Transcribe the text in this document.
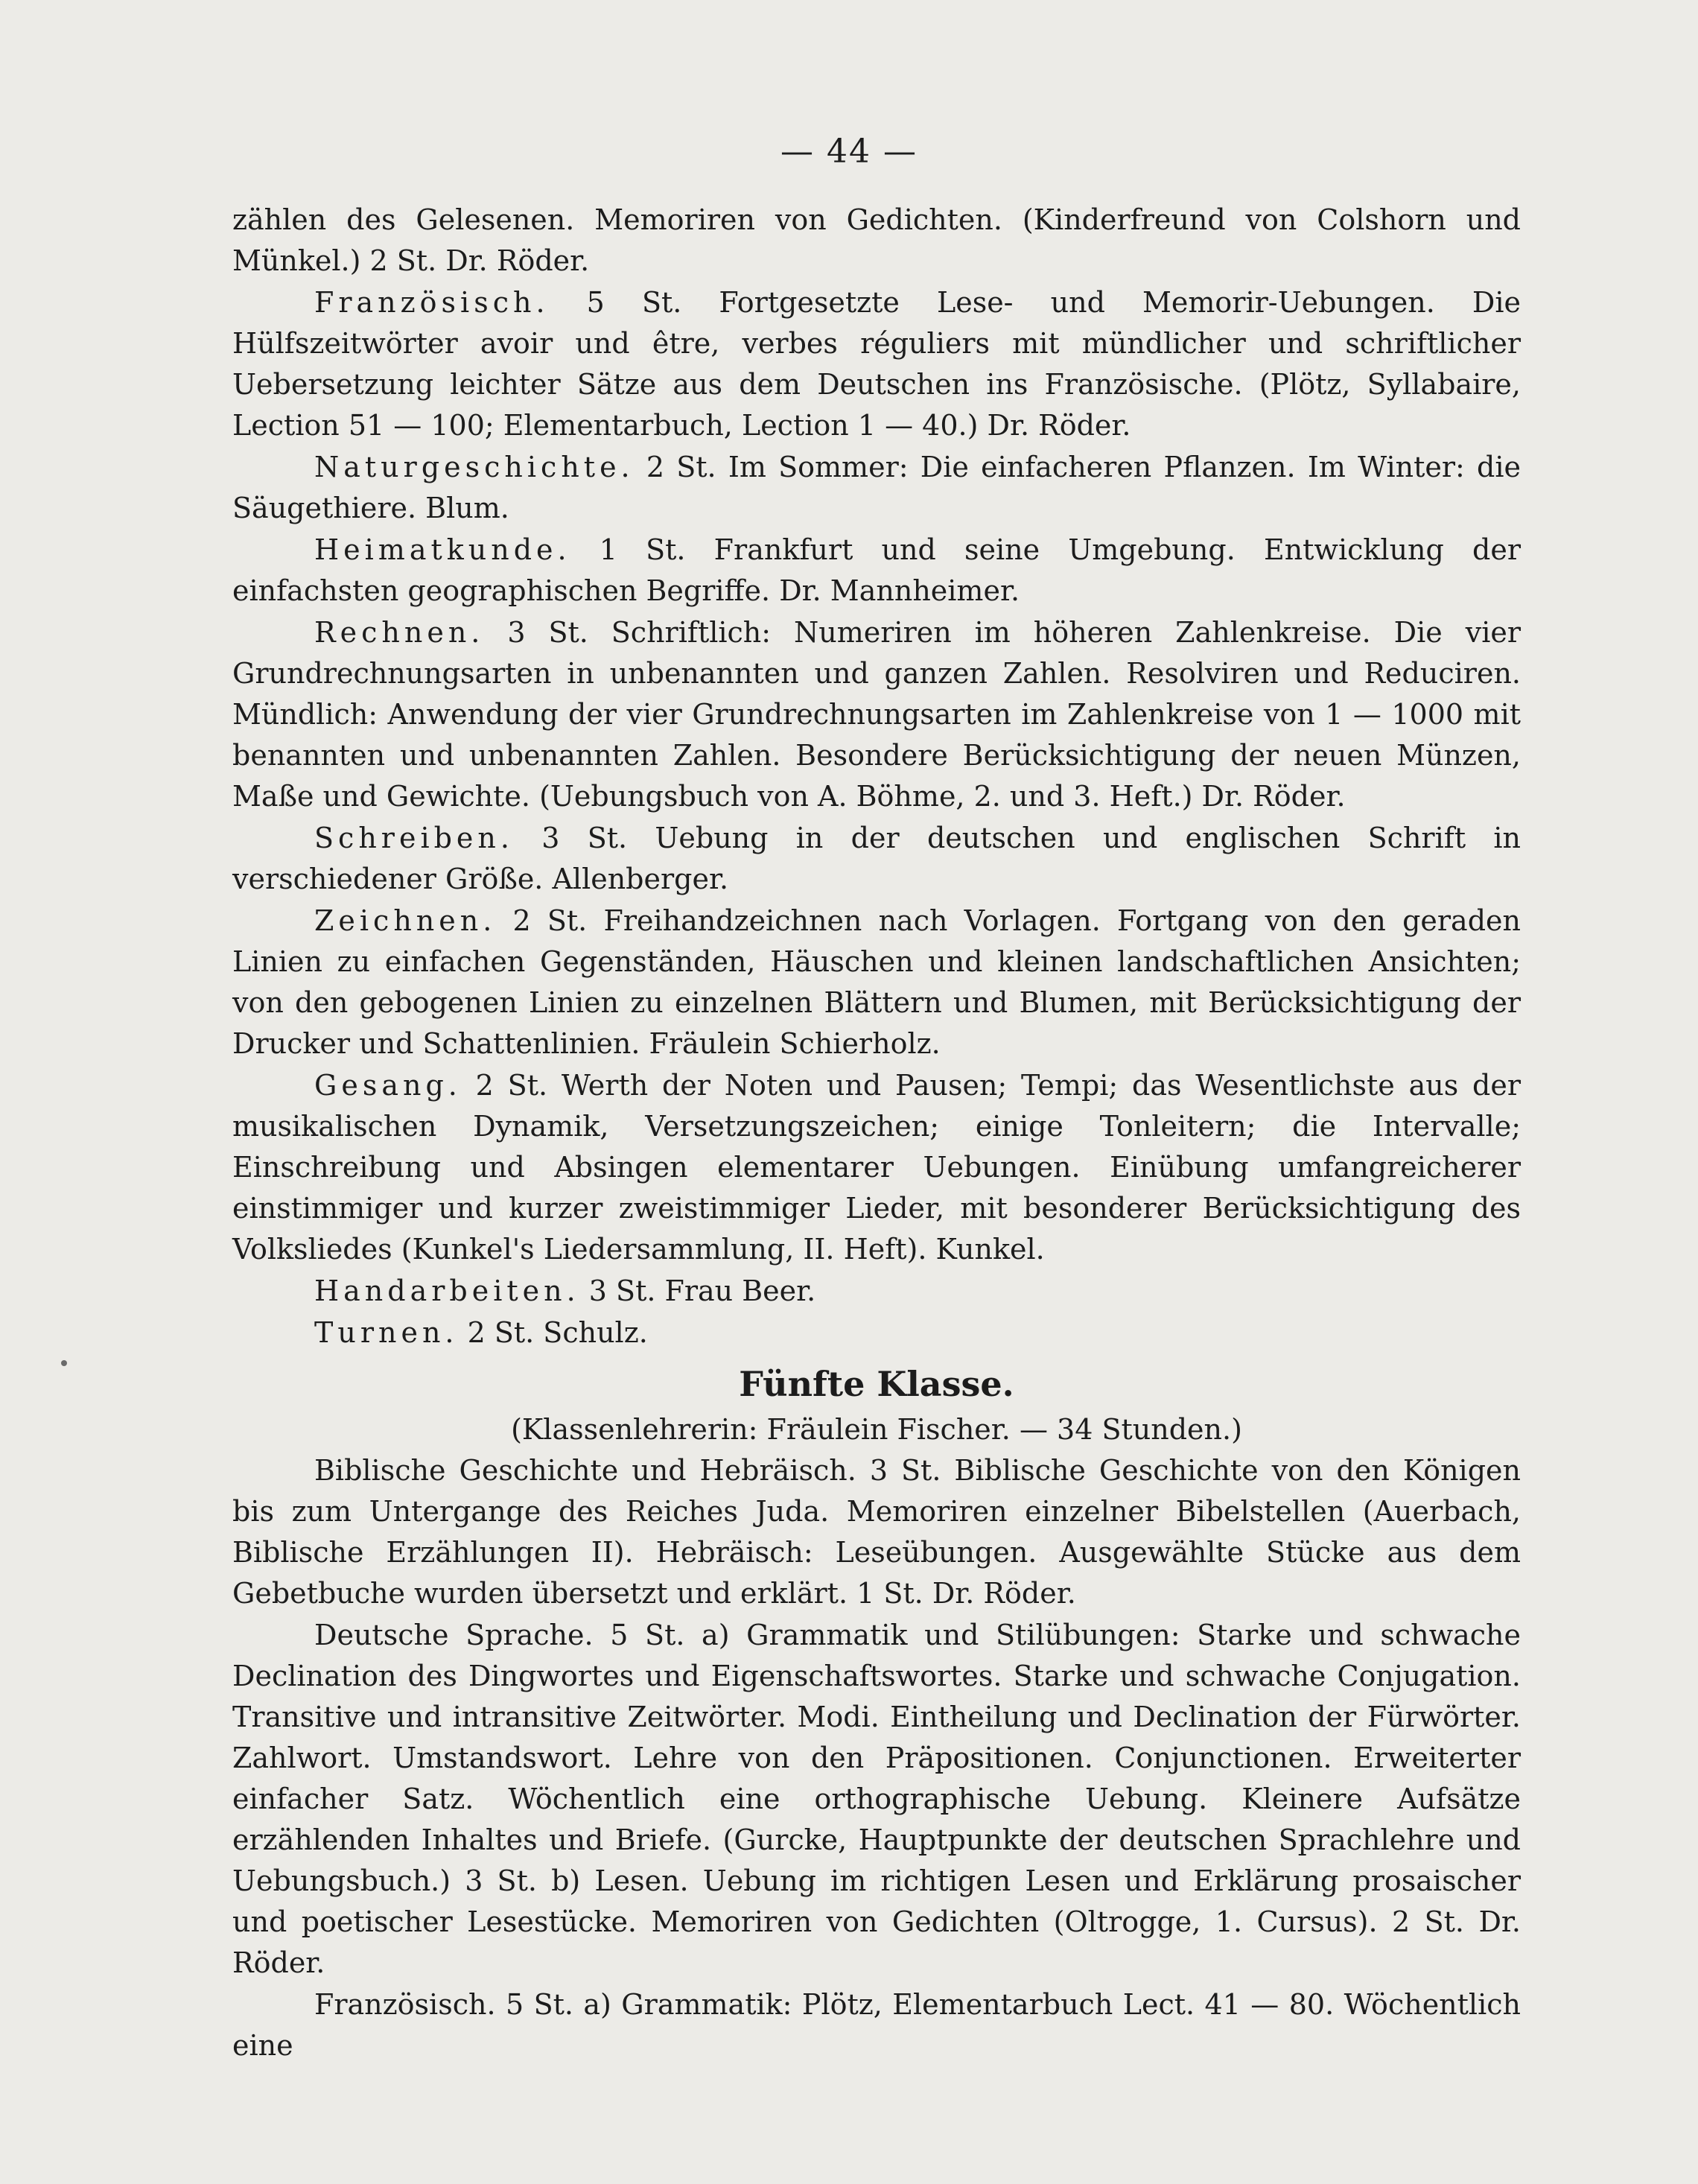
— 44 —

zählen des Gelesenen. Memoriren von Gedichten. (Kinderfreund von Colshorn und Münkel.) 2 St. Dr. Röder.

Französisch. 5 St. Fortgesetzte Lese- und Memorir-Uebungen. Die Hülfszeitwörter avoir und être, verbes réguliers mit mündlicher und schriftlicher Uebersetzung leichter Sätze aus dem Deutschen ins Französische. (Plötz, Syllabaire, Lection 51 — 100; Elementarbuch, Lection 1 — 40.) Dr. Röder.

Naturgeschichte. 2 St. Im Sommer: Die einfacheren Pflanzen. Im Winter: die Säugethiere. Blum.

Heimatkunde. 1 St. Frankfurt und seine Umgebung. Entwicklung der einfachsten geographischen Begriffe. Dr. Mannheimer.

Rechnen. 3 St. Schriftlich: Numeriren im höheren Zahlenkreise. Die vier Grundrechnungsarten in unbenannten und ganzen Zahlen. Resolviren und Reduciren. Mündlich: Anwendung der vier Grundrechnungsarten im Zahlenkreise von 1 — 1000 mit benannten und unbenannten Zahlen. Besondere Berücksichtigung der neuen Münzen, Maße und Gewichte. (Uebungsbuch von A. Böhme, 2. und 3. Heft.) Dr. Röder.

Schreiben. 3 St. Uebung in der deutschen und englischen Schrift in verschiedener Größe. Allenberger.

Zeichnen. 2 St. Freihandzeichnen nach Vorlagen. Fortgang von den geraden Linien zu einfachen Gegenständen, Häuschen und kleinen landschaftlichen Ansichten; von den gebogenen Linien zu einzelnen Blättern und Blumen, mit Berücksichtigung der Drucker und Schattenlinien. Fräulein Schierholz.

Gesang. 2 St. Werth der Noten und Pausen; Tempi; das Wesentlichste aus der musikalischen Dynamik, Versetzungszeichen; einige Tonleitern; die Intervalle; Einschreibung und Absingen elementarer Uebungen. Einübung umfangreicherer einstimmiger und kurzer zweistimmiger Lieder, mit besonderer Berücksichtigung des Volksliedes (Kunkel's Liedersammlung, II. Heft). Kunkel.

Handarbeiten. 3 St. Frau Beer.

Turnen. 2 St. Schulz.

Fünfte Klasse.

(Klassenlehrerin: Fräulein Fischer. — 34 Stunden.)

Biblische Geschichte und Hebräisch. 3 St. Biblische Geschichte von den Königen bis zum Untergange des Reiches Juda. Memoriren einzelner Bibelstellen (Auerbach, Biblische Erzählungen II). Hebräisch: Leseübungen. Ausgewählte Stücke aus dem Gebetbuche wurden übersetzt und erklärt. 1 St. Dr. Röder.

Deutsche Sprache. 5 St. a) Grammatik und Stilübungen: Starke und schwache Declination des Dingwortes und Eigenschaftswortes. Starke und schwache Conjugation. Transitive und intransitive Zeitwörter. Modi. Eintheilung und Declination der Fürwörter. Zahlwort. Umstandswort. Lehre von den Präpositionen. Conjunctionen. Erweiterter einfacher Satz. Wöchentlich eine orthographische Uebung. Kleinere Aufsätze erzählenden Inhaltes und Briefe. (Gurcke, Hauptpunkte der deutschen Sprachlehre und Uebungsbuch.) 3 St. b) Lesen. Uebung im richtigen Lesen und Erklärung prosaischer und poetischer Lesestücke. Memoriren von Gedichten (Oltrogge, 1. Cursus). 2 St. Dr. Röder.

Französisch. 5 St. a) Grammatik: Plötz, Elementarbuch Lect. 41 — 80. Wöchentlich eine
